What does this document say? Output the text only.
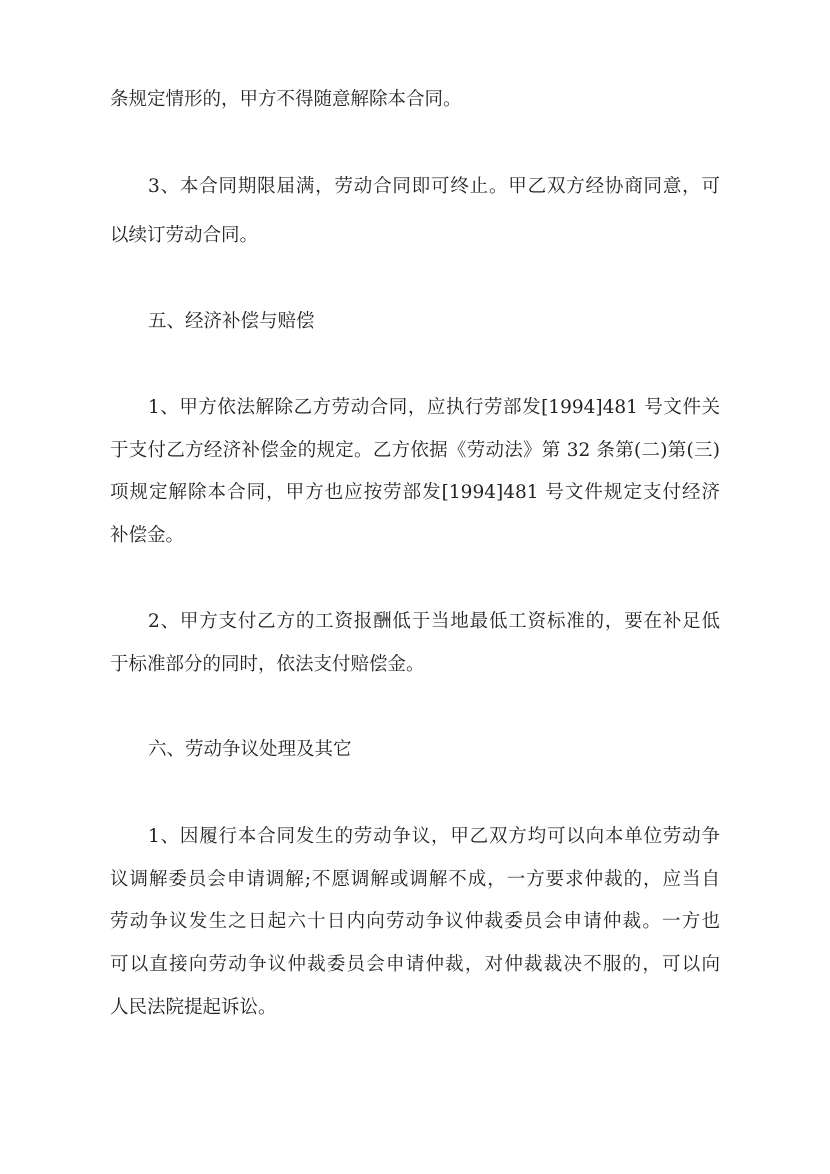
条规定情形的，甲方不得随意解除本合同。
3、本合同期限届满，劳动合同即可终止。甲乙双方经协商同意，可
以续订劳动合同。
五、经济补偿与赔偿
1、甲方依法解除乙方劳动合同，应执行劳部发[1994]481 号文件关
于支付乙方经济补偿金的规定。乙方依据《劳动法》第 32 条第(二)第(三)
项规定解除本合同，甲方也应按劳部发[1994]481 号文件规定支付经济
补偿金。
2、甲方支付乙方的工资报酬低于当地最低工资标准的，要在补足低
于标准部分的同时，依法支付赔偿金。
六、劳动争议处理及其它
1、因履行本合同发生的劳动争议，甲乙双方均可以向本单位劳动争
议调解委员会申请调解;不愿调解或调解不成，一方要求仲裁的，应当自
劳动争议发生之日起六十日内向劳动争议仲裁委员会申请仲裁。一方也
可以直接向劳动争议仲裁委员会申请仲裁，对仲裁裁决不服的，可以向
人民法院提起诉讼。
